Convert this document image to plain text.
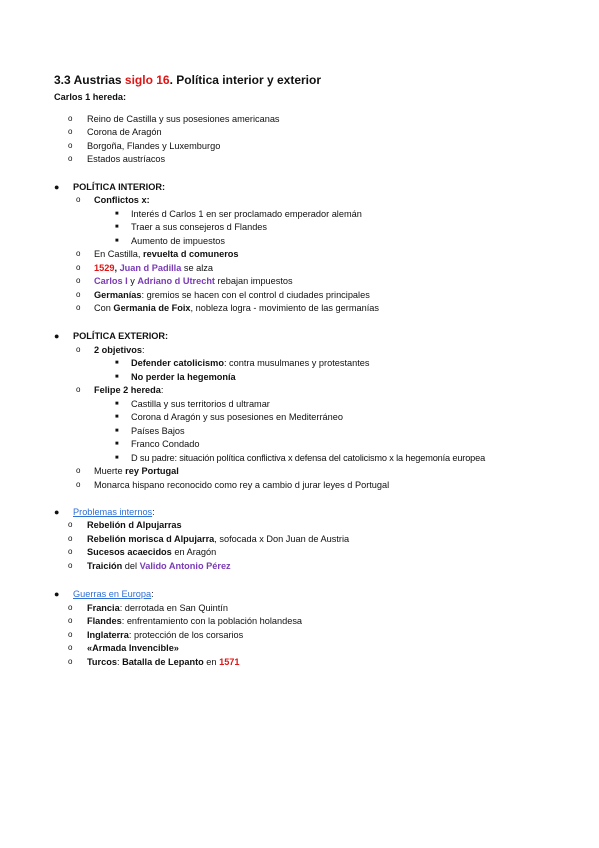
3.3 Austrias siglo 16. Política interior y exterior
Carlos 1 hereda:
o Reino de Castilla y sus posesiones americanas
o Corona de Aragón
o Borgoña, Flandes y Luxemburgo
o Estados austríacos
● POLÍTICA INTERIOR:
o Conflictos x:
■ Interés d Carlos 1 en ser proclamado emperador alemán
■ Traer a sus consejeros d Flandes
■ Aumento de impuestos
o En Castilla, revuelta d comuneros
o 1529, Juan d Padilla se alza
o Carlos I y Adriano d Utrecht rebajan impuestos
o Germanías: gremios se hacen con el control d ciudades principales
o Con Germania de Foix, nobleza logra - movimiento de las germanías
● POLÍTICA EXTERIOR:
o 2 objetivos:
■ Defender catolicismo: contra musulmanes y protestantes
■ No perder la hegemonía
o Felipe 2 hereda:
■ Castilla y sus territorios d ultramar
■ Corona d Aragón y sus posesiones en Mediterráneo
■ Países Bajos
■ Franco Condado
■ D su padre: situación política conflictiva x defensa del catolicismo x la hegemonía europea
o Muerte rey Portugal
o Monarca hispano reconocido como rey a cambio d jurar leyes d Portugal
● Problemas internos:
o Rebelión d Alpujarras
o Rebelión morisca d Alpujarra, sofocada x Don Juan de Austria
o Sucesos acaecidos en Aragón
o Traición del Valido Antonio Pérez
● Guerras en Europa:
o Francia: derrotada en San Quintín
o Flandes: enfrentamiento con la población holandesa
o Inglaterra: protección de los corsarios
o «Armada Invencible»
o Turcos: Batalla de Lepanto en 1571
